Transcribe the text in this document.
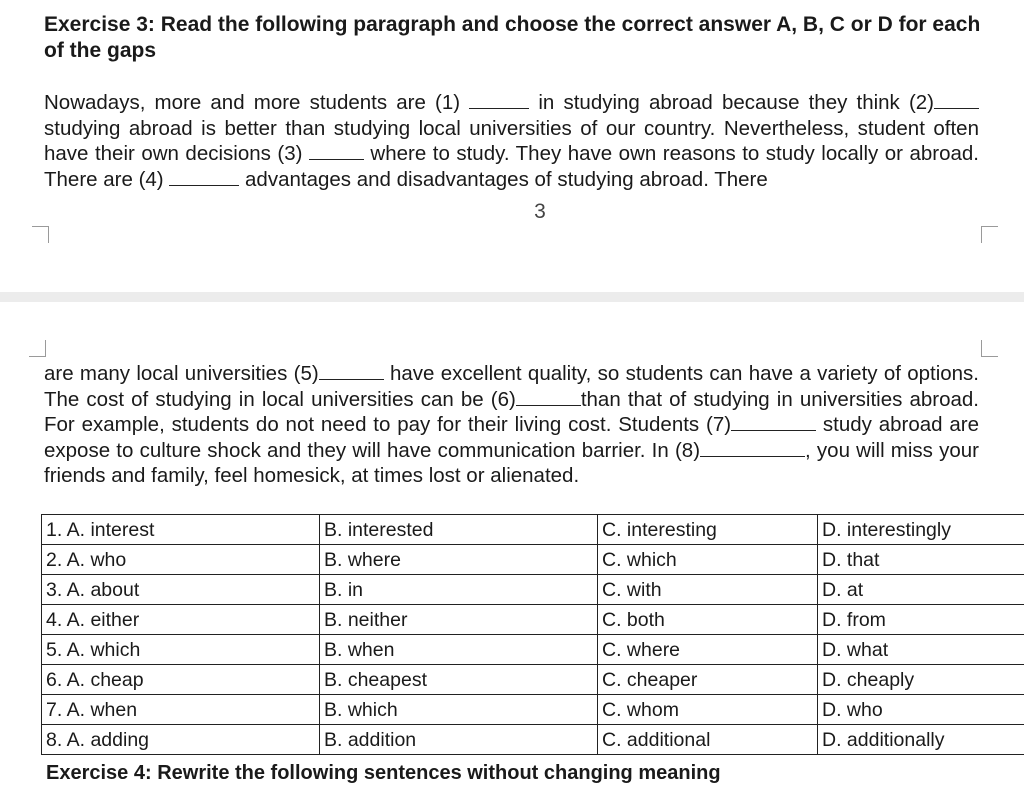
Exercise 3: Read the following paragraph and choose the correct answer A, B, C or D for each of the gaps
Nowadays, more and more students are (1)	in studying abroad because they think (2)studying abroad is better than studying local universities of our country. Nevertheless, student often have their own decisions (3)	where to study. They have own reasons to study locally or abroad. There are (4)	advantages and disadvantages of studying abroad. There
3
are many local universities (5)	have excellent quality, so students can have a variety of options. The cost of studying in local universities can be (6)	than that of studying in universities abroad. For example, students do not need to pay for their living cost. Students (7)	study abroad are expose to culture shock and they will have communication barrier. In (8)	, you will miss your friends and family, feel homesick, at times lost or alienated.
1. A. interest	B. interested	C. interesting	D. interestingly
2. A. who	B. where	C. which	D. that
3. A. about	B. in	C. with	D. at
4. A. either	B. neither	C. both	D. from
5. A. which	B. when	C. where	D. what
6. A. cheap	B. cheapest	C. cheaper	D. cheaply
7. A. when	B. which	C. whom	D. who
8. A. adding	B. addition	C. additional	D. additionally
Exercise 4: Rewrite the following sentences without changing meaning
